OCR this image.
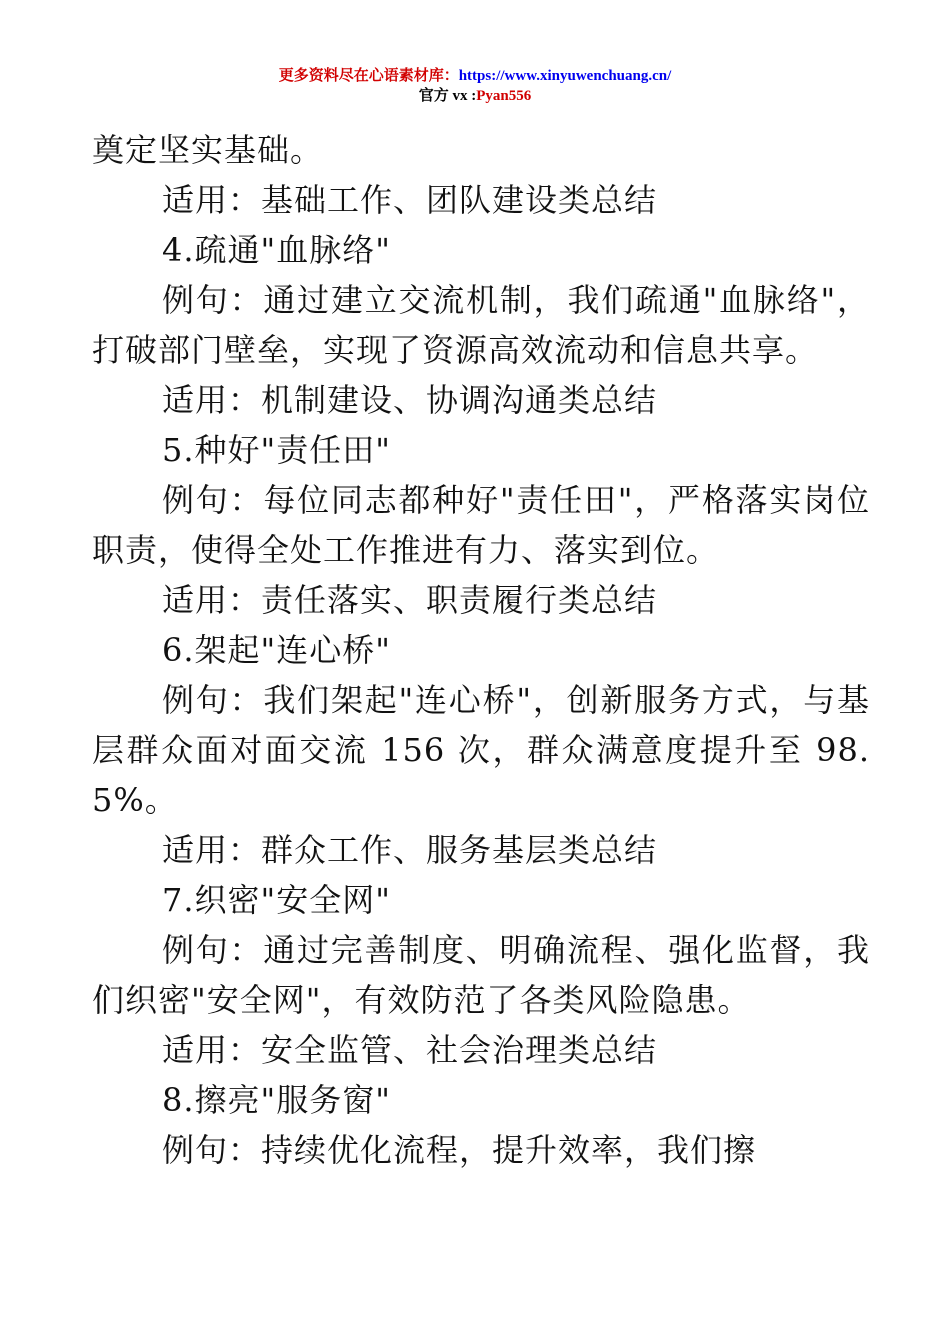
更多资料尽在心语素材库：https://www.xinyuwenchuang.cn/
官方 vx :Pyan556

奠定坚实基础。

适用：基础工作、团队建设类总结

4.疏通"血脉络"

例句：通过建立交流机制，我们疏通"血脉络"，打破部门壁垒，实现了资源高效流动和信息共享。

适用：机制建设、协调沟通类总结

5.种好"责任田"

例句：每位同志都种好"责任田"，严格落实岗位职责，使得全处工作推进有力、落实到位。

适用：责任落实、职责履行类总结

6.架起"连心桥"

例句：我们架起"连心桥"，创新服务方式，与基层群众面对面交流 156 次，群众满意度提升至 98.5%。

适用：群众工作、服务基层类总结

7.织密"安全网"

例句：通过完善制度、明确流程、强化监督，我们织密"安全网"，有效防范了各类风险隐患。

适用：安全监管、社会治理类总结

8.擦亮"服务窗"

例句：持续优化流程，提升效率，我们擦
